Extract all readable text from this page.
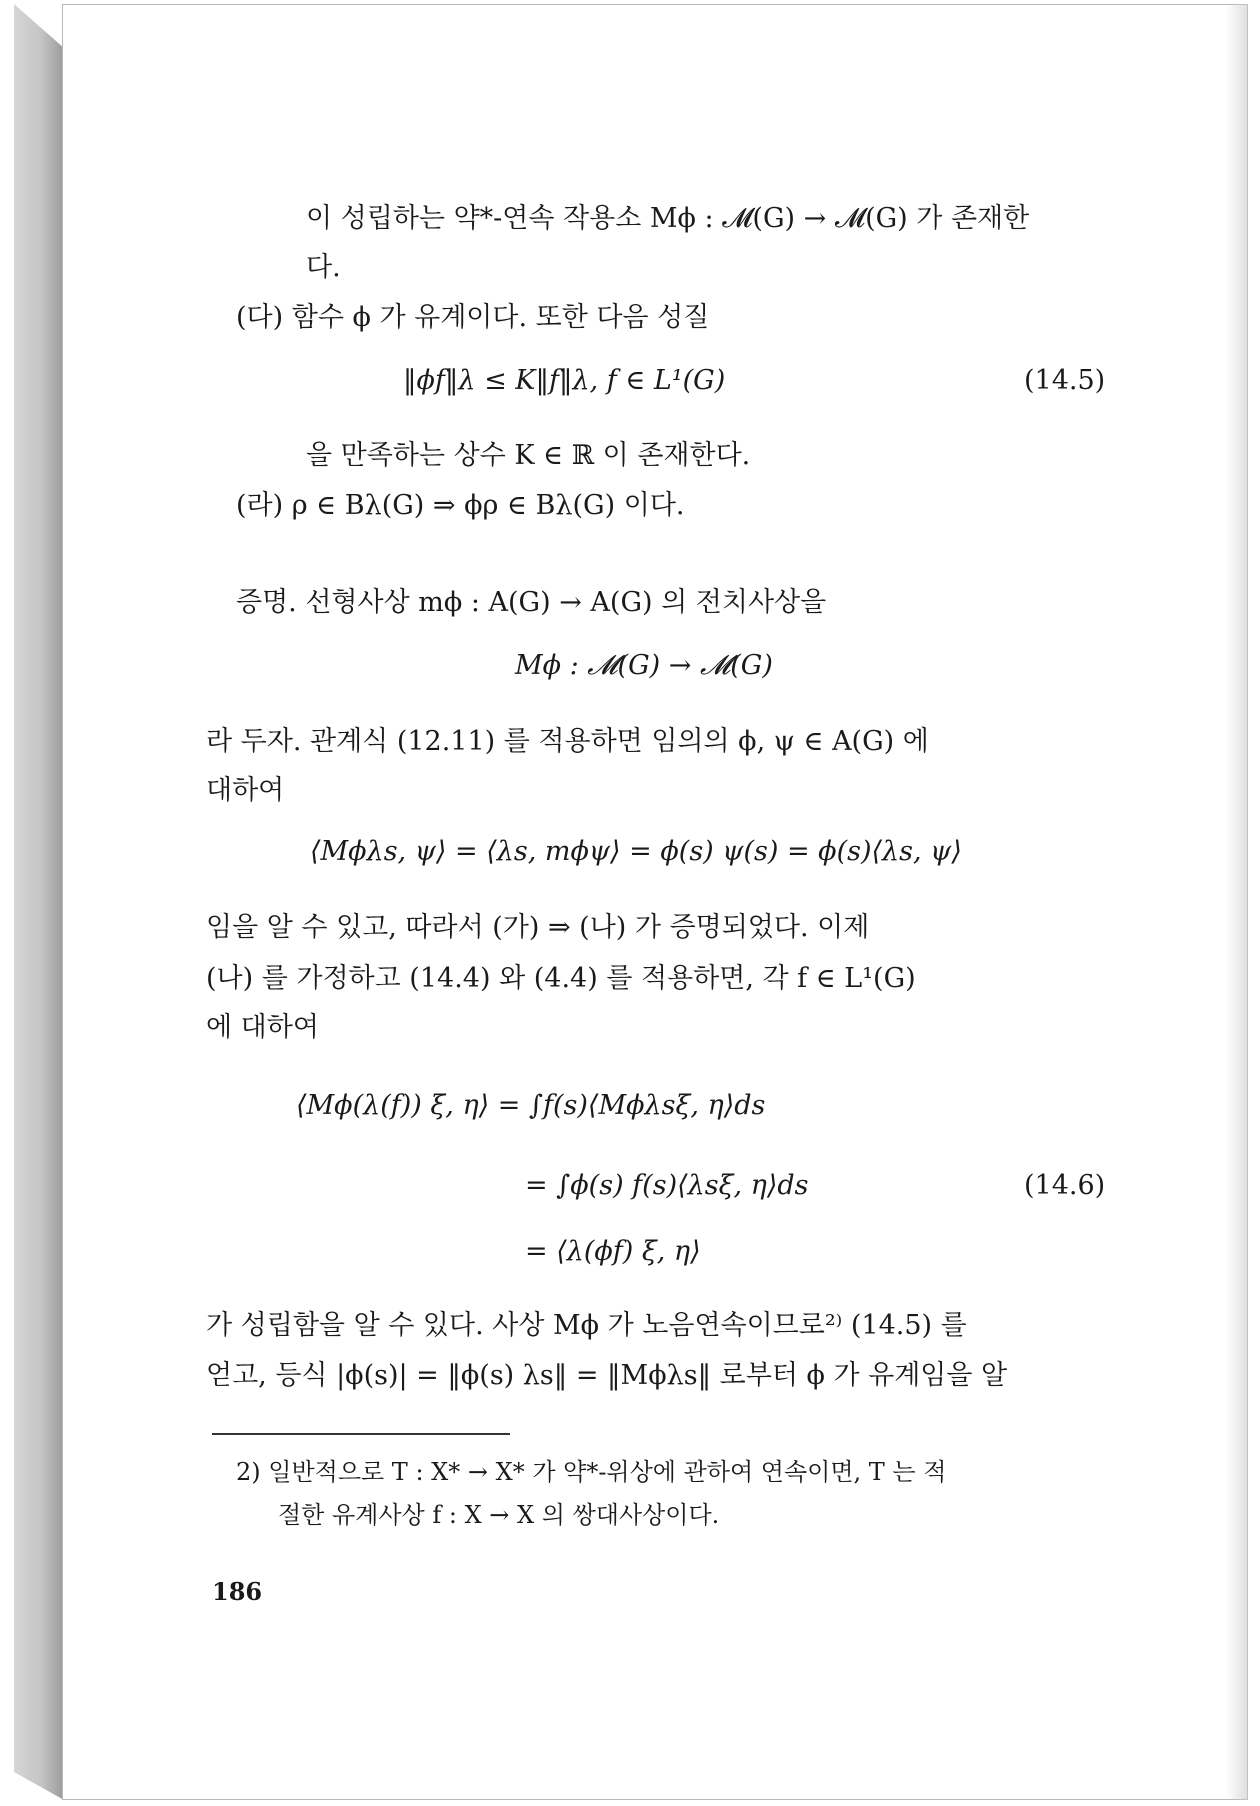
이 성립하는 약*-연속 작용소 Mϕ : 𝓜(G) → 𝓜(G) 가 존재한
다.
(다) 함수 ϕ 가 유계이다. 또한 다음 성질
‖ϕf‖λ ≤ K‖f‖λ, f ∈ L¹(G)	(14.5)
을 만족하는 상수 K ∈ ℝ 이 존재한다.
(라) ρ ∈ Bλ(G) ⇒ ϕρ ∈ Bλ(G) 이다.
증명. 선형사상 mϕ : A(G) → A(G) 의 전치사상을
Mϕ : 𝓜(G) → 𝓜(G)
라 두자. 관계식 (12.11) 를 적용하면 임의의 ϕ, ψ ∈ A(G) 에
대하여
⟨Mϕλs, ψ⟩ = ⟨λs, mϕψ⟩ = ϕ(s) ψ(s) = ϕ(s)⟨λs, ψ⟩
임을 알 수 있고, 따라서 (가) ⇒ (나) 가 증명되었다. 이제
(나) 를 가정하고 (14.4) 와 (4.4) 를 적용하면, 각 f ∈ L¹(G)
에 대하여
⟨Mϕ(λ(f)) ξ, η⟩ = ∫f(s)⟨Mϕλsξ, η⟩ds
= ∫ϕ(s) f(s)⟨λsξ, η⟩ds	(14.6)
= ⟨λ(ϕf) ξ, η⟩
가 성립함을 알 수 있다. 사상 Mϕ 가 노음연속이므로²⁾ (14.5) 를
얻고, 등식 |ϕ(s)| = ‖ϕ(s) λs‖ = ‖Mϕλs‖ 로부터 ϕ 가 유계임을 알
2) 일반적으로 T : X* → X* 가 약*-위상에 관하여 연속이면, T 는 적
절한 유계사상 f : X → X 의 쌍대사상이다.
186
